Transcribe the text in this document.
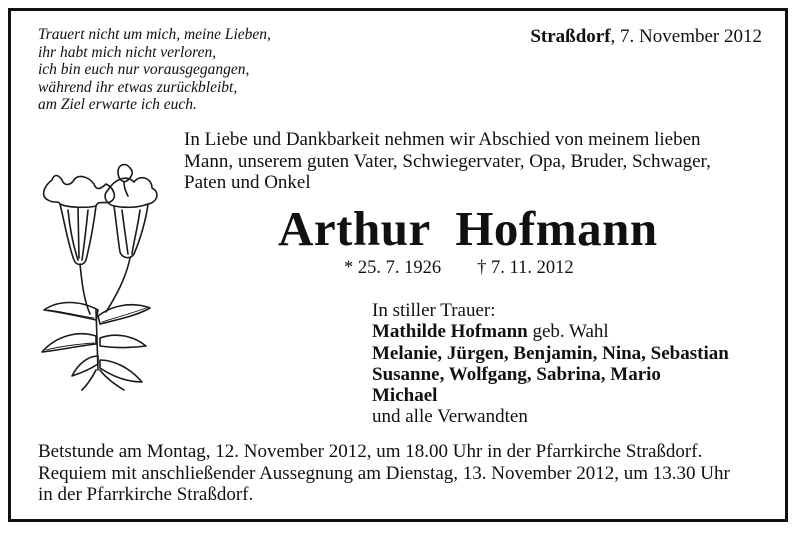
Trauert nicht um mich, meine Lieben,
ihr habt mich nicht verloren,
ich bin euch nur vorausgegangen,
während ihr etwas zurückbleibt,
am Ziel erwarte ich euch.
Straßdorf, 7. November 2012
In Liebe und Dankbarkeit nehmen wir Abschied von meinem lieben
Mann, unserem guten Vater, Schwiegervater, Opa, Bruder, Schwager,
Paten und Onkel
Arthur  Hofmann
* 25. 7. 1926 † 7. 11. 2012
In stiller Trauer:
Mathilde Hofmann geb. Wahl
Melanie, Jürgen, Benjamin, Nina, Sebastian
Susanne, Wolfgang, Sabrina, Mario
Michael
und alle Verwandten
Betstunde am Montag, 12. November 2012, um 18.00 Uhr in der Pfarrkirche Straßdorf.
Requiem mit anschließender Aussegnung am Dienstag, 13. November 2012, um 13.30 Uhr
in der Pfarrkirche Straßdorf.
